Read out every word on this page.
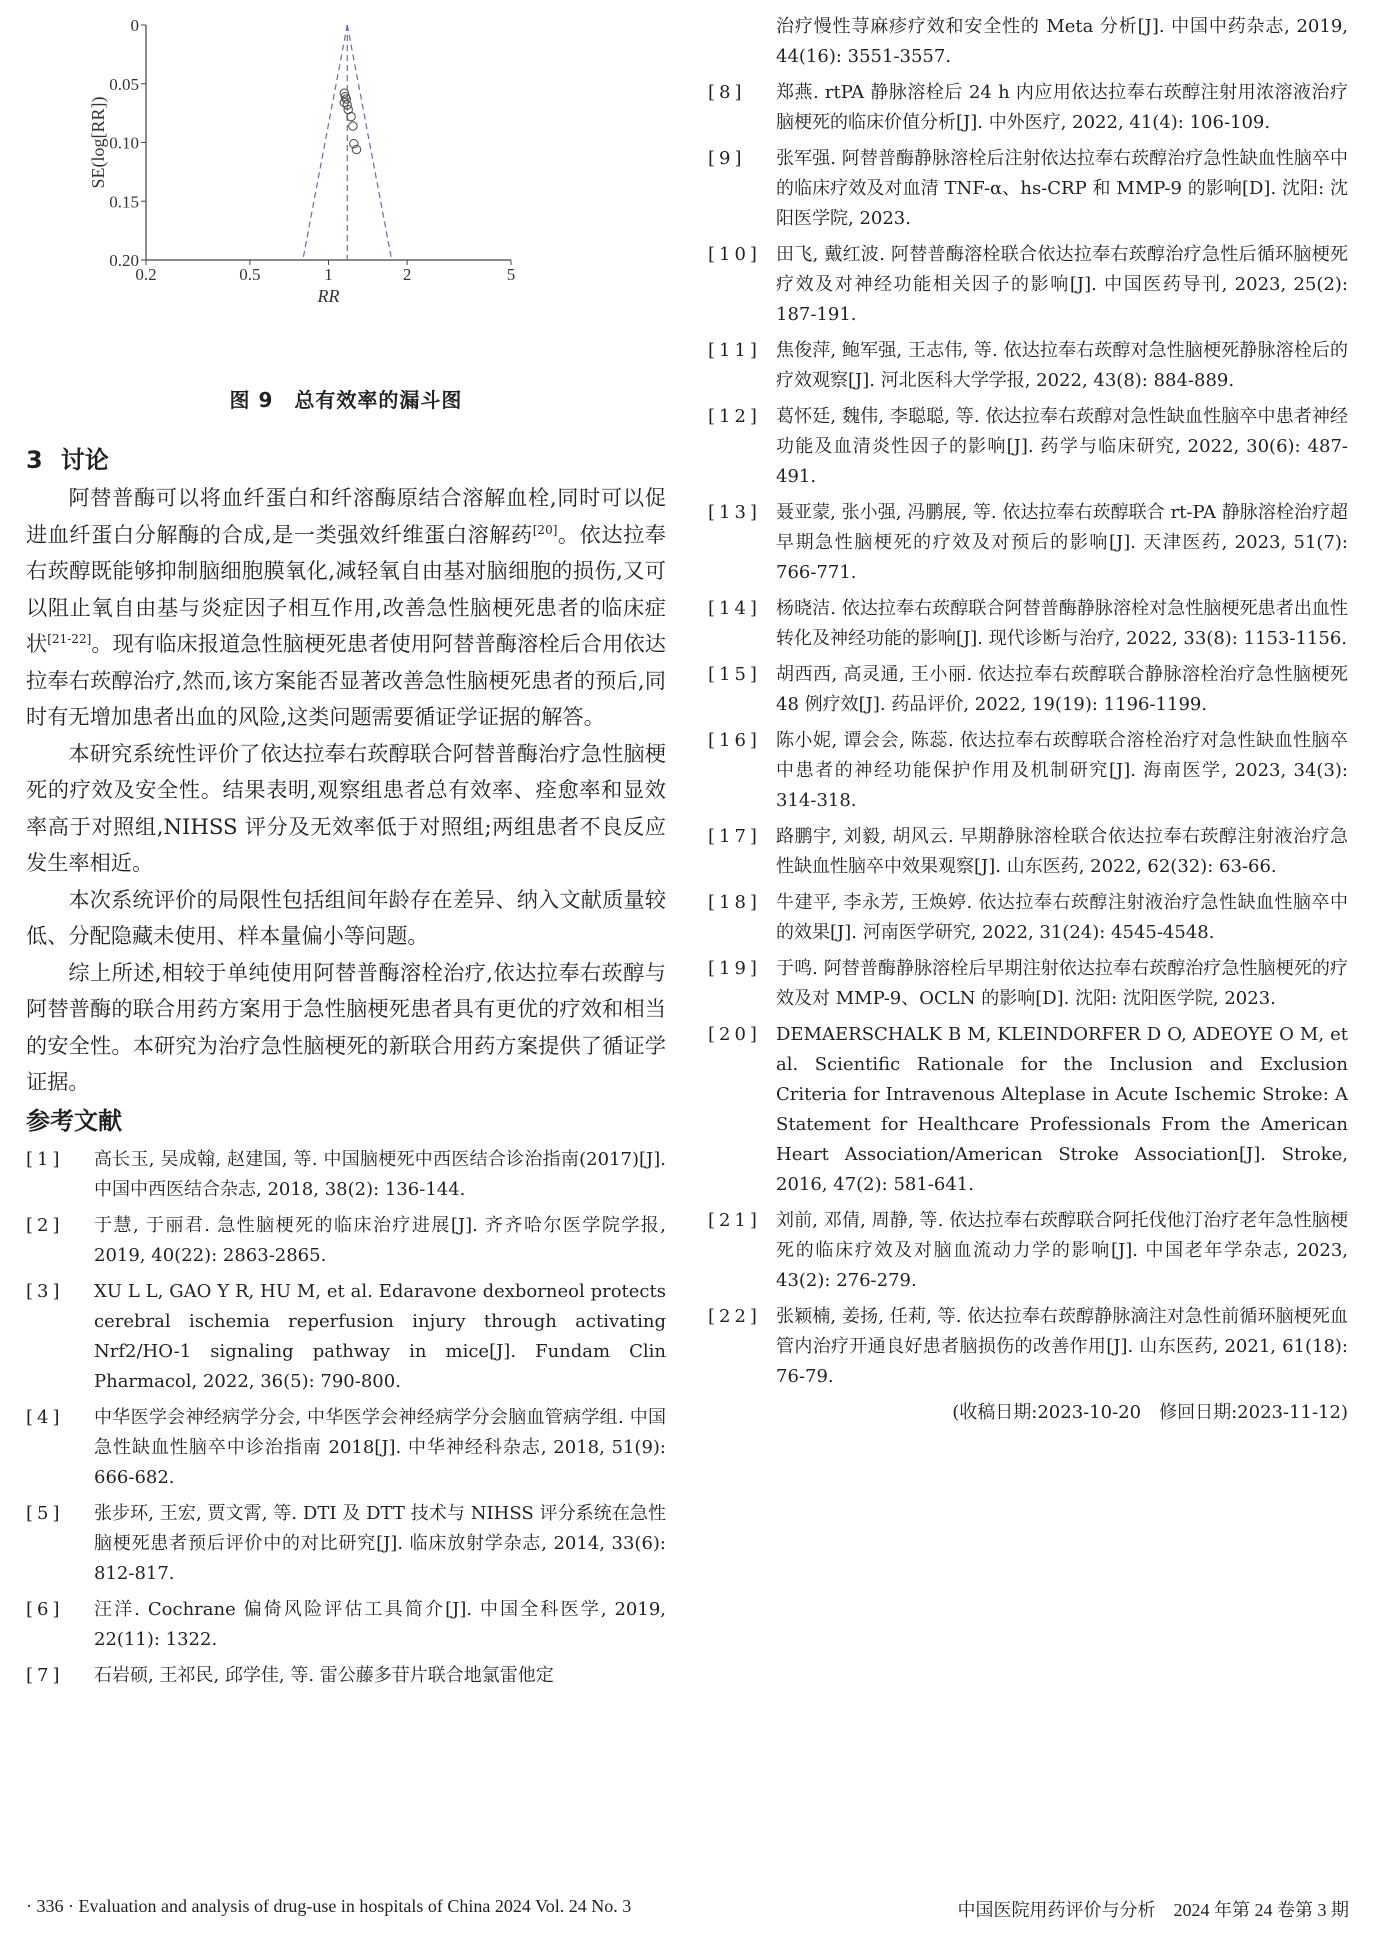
0.2	0.5	1	2	5
0
0.05
0.10
0.15
0.20
RR
SE(log[RR])
图 9　总有效率的漏斗图
3 讨论

阿替普酶可以将血纤蛋白和纤溶酶原结合溶解血栓,同时可以促进血纤蛋白分解酶的合成,是一类强效纤维蛋白溶解药[20]。依达拉奉右莰醇既能够抑制脑细胞膜氧化,减轻氧自由基对脑细胞的损伤,又可以阻止氧自由基与炎症因子相互作用,改善急性脑梗死患者的临床症状[21-22]。现有临床报道急性脑梗死患者使用阿替普酶溶栓后合用依达拉奉右莰醇治疗,然而,该方案能否显著改善急性脑梗死患者的预后,同时有无增加患者出血的风险,这类问题需要循证学证据的解答。

本研究系统性评价了依达拉奉右莰醇联合阿替普酶治疗急性脑梗死的疗效及安全性。结果表明,观察组患者总有效率、痊愈率和显效率高于对照组,NIHSS 评分及无效率低于对照组;两组患者不良反应发生率相近。

本次系统评价的局限性包括组间年龄存在差异、纳入文献质量较低、分配隐藏未使用、样本量偏小等问题。

综上所述,相较于单纯使用阿替普酶溶栓治疗,依达拉奉右莰醇与阿替普酶的联合用药方案用于急性脑梗死患者具有更优的疗效和相当的安全性。本研究为治疗急性脑梗死的新联合用药方案提供了循证学证据。

参考文献
[1]	高长玉, 吴成翰, 赵建国, 等. 中国脑梗死中西医结合诊治指南(2017)[J]. 中国中西医结合杂志, 2018, 38(2): 136-144.
[2]	于慧, 于丽君. 急性脑梗死的临床治疗进展[J]. 齐齐哈尔医学院学报, 2019, 40(22): 2863-2865.
[3]	XU L L, GAO Y R, HU M, et al. Edaravone dexborneol protects cerebral ischemia reperfusion injury through activating Nrf2/HO-1 signaling pathway in mice[J]. Fundam Clin Pharmacol, 2022, 36(5): 790-800.
[4]	中华医学会神经病学分会, 中华医学会神经病学分会脑血管病学组. 中国急性缺血性脑卒中诊治指南 2018[J]. 中华神经科杂志, 2018, 51(9): 666-682.
[5]	张步环, 王宏, 贾文霄, 等. DTI 及 DTT 技术与 NIHSS 评分系统在急性脑梗死患者预后评价中的对比研究[J]. 临床放射学杂志, 2014, 33(6): 812-817.
[6]	汪洋. Cochrane 偏倚风险评估工具简介[J]. 中国全科医学, 2019, 22(11): 1322.
[7]	石岩硕, 王祁民, 邱学佳, 等. 雷公藤多苷片联合地氯雷他定
治疗慢性荨麻疹疗效和安全性的 Meta 分析[J]. 中国中药杂志, 2019, 44(16): 3551-3557.
[8]	郑燕. rtPA 静脉溶栓后 24 h 内应用依达拉奉右莰醇注射用浓溶液治疗脑梗死的临床价值分析[J]. 中外医疗, 2022, 41(4): 106-109.
[9]	张军强. 阿替普酶静脉溶栓后注射依达拉奉右莰醇治疗急性缺血性脑卒中的临床疗效及对血清 TNF-α、hs-CRP 和 MMP-9 的影响[D]. 沈阳: 沈阳医学院, 2023.
[10] 田飞, 戴红波. 阿替普酶溶栓联合依达拉奉右莰醇治疗急性后循环脑梗死疗效及对神经功能相关因子的影响[J]. 中国医药导刊, 2023, 25(2): 187-191.
[11] 焦俊萍, 鲍军强, 王志伟, 等. 依达拉奉右莰醇对急性脑梗死静脉溶栓后的疗效观察[J]. 河北医科大学学报, 2022, 43(8): 884-889.
[12] 葛怀廷, 魏伟, 李聪聪, 等. 依达拉奉右莰醇对急性缺血性脑卒中患者神经功能及血清炎性因子的影响[J]. 药学与临床研究, 2022, 30(6): 487-491.
[13] 聂亚蒙, 张小强, 冯鹏展, 等. 依达拉奉右莰醇联合 rt-PA 静脉溶栓治疗超早期急性脑梗死的疗效及对预后的影响[J]. 天津医药, 2023, 51(7): 766-771.
[14] 杨晓洁. 依达拉奉右莰醇联合阿替普酶静脉溶栓对急性脑梗死患者出血性转化及神经功能的影响[J]. 现代诊断与治疗, 2022, 33(8): 1153-1156.
[15] 胡西西, 高灵通, 王小丽. 依达拉奉右莰醇联合静脉溶栓治疗急性脑梗死 48 例疗效[J]. 药品评价, 2022, 19(19): 1196-1199.
[16] 陈小妮, 谭会会, 陈蕊. 依达拉奉右莰醇联合溶栓治疗对急性缺血性脑卒中患者的神经功能保护作用及机制研究[J]. 海南医学, 2023, 34(3): 314-318.
[17] 路鹏宇, 刘毅, 胡风云. 早期静脉溶栓联合依达拉奉右莰醇注射液治疗急性缺血性脑卒中效果观察[J]. 山东医药, 2022, 62(32): 63-66.
[18] 牛建平, 李永芳, 王焕婷. 依达拉奉右莰醇注射液治疗急性缺血性脑卒中的效果[J]. 河南医学研究, 2022, 31(24): 4545-4548.
[19] 于鸣. 阿替普酶静脉溶栓后早期注射依达拉奉右莰醇治疗急性脑梗死的疗效及对 MMP-9、OCLN 的影响[D]. 沈阳: 沈阳医学院, 2023.
[20] DEMAERSCHALK B M, KLEINDORFER D O, ADEOYE O M, et al. Scientific Rationale for the Inclusion and Exclusion Criteria for Intravenous Alteplase in Acute Ischemic Stroke: A Statement for Healthcare Professionals From the American Heart Association/American Stroke Association[J]. Stroke, 2016, 47(2): 581-641.
[21] 刘前, 邓倩, 周静, 等. 依达拉奉右莰醇联合阿托伐他汀治疗老年急性脑梗死的临床疗效及对脑血流动力学的影响[J]. 中国老年学杂志, 2023, 43(2): 276-279.
[22] 张颖楠, 姜扬, 任莉, 等. 依达拉奉右莰醇静脉滴注对急性前循环脑梗死血管内治疗开通良好患者脑损伤的改善作用[J]. 山东医药, 2021, 61(18): 76-79.
(收稿日期:2023-10-20　修回日期:2023-11-12)
· 336 · Evaluation and analysis of drug-use in hospitals of China 2024 Vol. 24 No. 3	中国医院用药评价与分析　2024 年第 24 卷第 3 期
